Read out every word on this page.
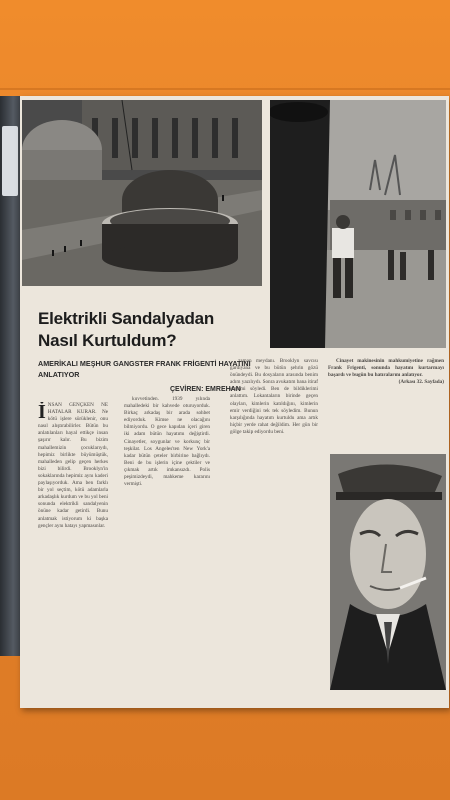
Elektrikli Sandalyadan
Nasıl Kurtuldum?
AMERİKALI MEŞHUR GANGSTER FRANK FRİGENTİ HAYATINI ANLATIYOR
ÇEVİREN: EMREHAN
İ NSAN GENÇKEN NE HATALAR KURAR. Ne kötü işlere sürüklenir, onu nasıl alıştırabilirler. Bütün bu anlatılanları hayal ettikçe insan şaşırır kalır. Bu bizim mahallemizin çocuklarıydı, hepimiz birlikte büyümüştük, mahalleden gelip geçen herkes bizi bilirdi. Brooklyn'in sokaklarında hepimiz aynı kaderi paylaşıyorduk. Ama ben farklı bir yol seçtim, kötü adamlarla arkadaşlık kurdum ve bu yol beni sonunda elektrikli sandalyenin önüne kadar getirdi. Bunu anlatmak istiyorum ki başka gençler aynı hatayı yapmasınlar.

kuvvetinden. 1939 yılında mahalledeki bir kahvede oturuyorduk. Birkaç arkadaş bir arada sohbet ediyorduk. Kimse ne olacağını bilmiyordu. O gece kapıdan içeri giren iki adam bütün hayatımı değiştirdi. Cinayetler, soygunlar ve korkunç bir teşkilat. Los Angeles'ten New York'a kadar bütün çeteler birbirine bağlıydı. Beni de bu işlerin içine çektiler ve çıkmak artık imkansızdı. Polis peşimizdeydi, mahkeme kararını vermişti.

zaman meydanı. Brooklyn savcısı gardiyana ve bu bütün şehrin gözü önündeydi. Bu dosyaların arasında benim adım yazılıydı. Sonra avukatım bana itiraf etmemi söyledi. Ben de bildiklerimi anlattım. Lokantaların birinde geçen olayları, kimlerin katıldığını, kimlerin emir verdiğini tek tek söyledim. Bunun karşılığında hayatım kurtuldu ama artık hiçbir yerde rahat değildim. Her gün bir gölge takip ediyordu beni.

Cinayet makinesinin mahkumiyetine rağmen Frank Frigenti, sonunda hayatını kurtarmayı başardı ve bugün bu hatıralarını anlatıyor.

(Arkası 32. Sayfada)
